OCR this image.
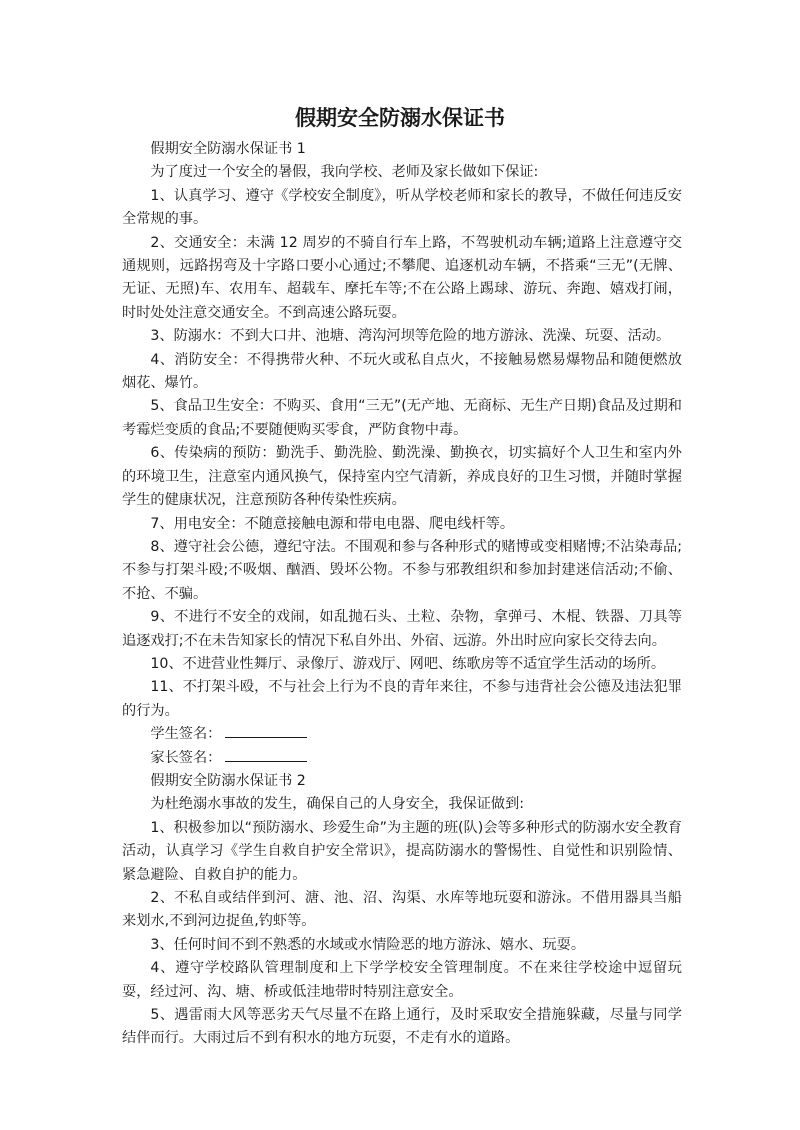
假期安全防溺水保证书

假期安全防溺水保证书 1

为了度过一个安全的暑假，我向学校、老师及家长做如下保证:

1、认真学习、遵守《学校安全制度》，听从学校老师和家长的教导，不做任何违反安全常规的事。

2、交通安全：未满 12 周岁的不骑自行车上路，不驾驶机动车辆;道路上注意遵守交通规则，远路拐弯及十字路口要小心通过;不攀爬、追逐机动车辆，不搭乘“三无”(无牌、无证、无照)车、农用车、超载车、摩托车等;不在公路上踢球、游玩、奔跑、嬉戏打闹，时时处处注意交通安全。不到高速公路玩耍。

3、防溺水：不到大口井、池塘、湾沟河坝等危险的地方游泳、洗澡、玩耍、活动。

4、消防安全：不得携带火种、不玩火或私自点火，不接触易燃易爆物品和随便燃放烟花、爆竹。

5、食品卫生安全：不购买、食用“三无”(无产地、无商标、无生产日期)食品及过期和考霉烂变质的食品;不要随便购买零食，严防食物中毒。

6、传染病的预防：勤洗手、勤洗脸、勤洗澡、勤换衣，切实搞好个人卫生和室内外的环境卫生，注意室内通风换气，保持室内空气清新，养成良好的卫生习惯，并随时掌握学生的健康状况，注意预防各种传染性疾病。

7、用电安全：不随意接触电源和带电电器、爬电线杆等。

8、遵守社会公德，遵纪守法。不围观和参与各种形式的赌博或变相赌博;不沾染毒品;不参与打架斗殴;不吸烟、酗酒、毁坏公物。不参与邪教组织和参加封建迷信活动;不偷、不抢、不骗。

9、不进行不安全的戏闹，如乱抛石头、土粒、杂物，拿弹弓、木棍、铁器、刀具等追逐戏打;不在未告知家长的情况下私自外出、外宿、远游。外出时应向家长交待去向。

10、不进营业性舞厅、录像厅、游戏厅、网吧、练歌房等不适宜学生活动的场所。

11、不打架斗殴，不与社会上行为不良的青年来往，不参与违背社会公德及违法犯罪的行为。

学生签名：

家长签名：

假期安全防溺水保证书 2

为杜绝溺水事故的发生，确保自己的人身安全，我保证做到:

1、积极参加以“预防溺水、珍爱生命”为主题的班(队)会等多种形式的防溺水安全教育活动，认真学习《学生自救自护安全常识》，提高防溺水的警惕性、自觉性和识别险情、紧急避险、自救自护的能力。

2、不私自或结伴到河、溏、池、沼、沟渠、水库等地玩耍和游泳。不借用器具当船来划水,不到河边捉鱼,钓虾等。

3、任何时间不到不熟悉的水域或水情险恶的地方游泳、嬉水、玩耍。

4、遵守学校路队管理制度和上下学学校安全管理制度。不在来往学校途中逗留玩耍，经过河、沟、塘、桥或低洼地带时特别注意安全。

5、遇雷雨大风等恶劣天气尽量不在路上通行，及时采取安全措施躲藏，尽量与同学结伴而行。大雨过后不到有积水的地方玩耍，不走有水的道路。
